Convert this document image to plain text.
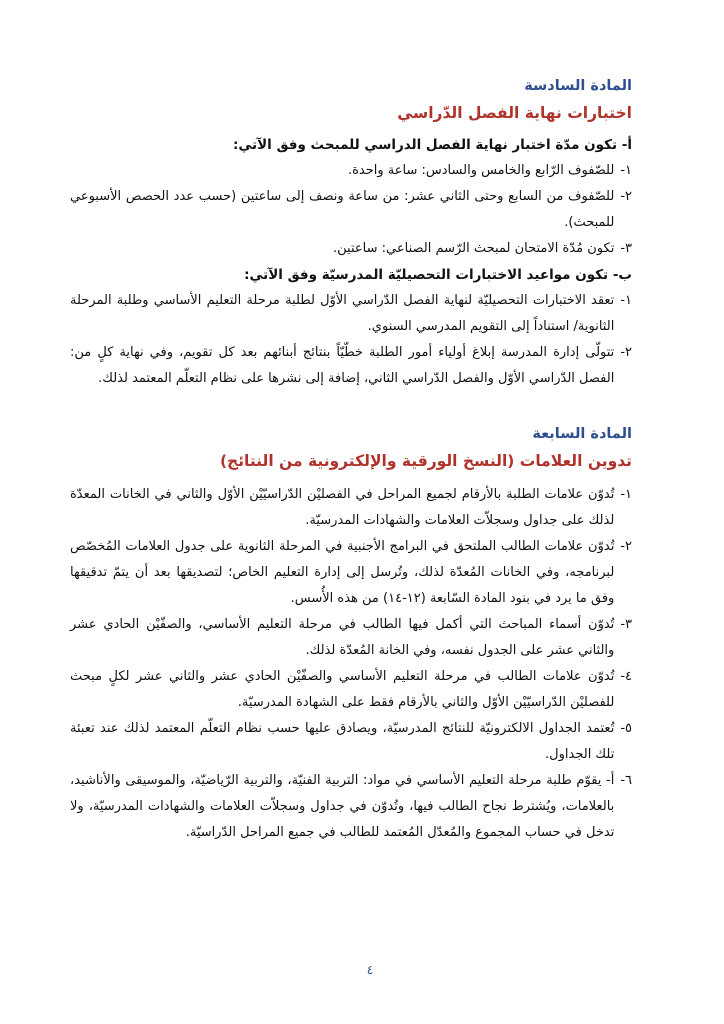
المادة السادسة
اختبارات نهاية الفصل الدّراسي
أ- تكون مدّة اختبار نهاية الفصل الدراسي للمبحث وفق الآتي:
١-
للصّفوف الرّابع والخامس والسادس: ساعة واحدة.
٢-
للصّفوف من السابع وحتى الثاني عشر: من ساعة ونصف إلى ساعتين (حسب عدد الحصص الأسبوعي للمبحث).
٣-
تكون مُدّة الامتحان لمبحث الرّسم الصناعي: ساعتين.
ب- تكون مواعيد الاختبارات التحصيليّة المدرسيّة وفق الآتي:
١-
تعقد الاختبارات التحصيليّة لنهاية الفصل الدّراسي الأوّل لطلبة مرحلة التعليم الأساسي وطلبة المرحلة الثانوية/ استناداً إلى التقويم المدرسي السنوي.
٢-
تتولّى إدارة المدرسة إبلاغ أولياء أمور الطلبة خطّيّاً بنتائج أبنائهم بعد كل تقويم، وفي نهاية كلٍ من: الفصل الدّراسي الأوّل والفصل الدّراسي الثاني، إضافة إلى نشرها على نظام التعلّم المعتمد لذلك.
المادة السابعة
تدوين العلامات (النسخ الورقية والإلكترونية من النتائج)
١-
تُدوّن علامات الطلبة بالأرقام لجميع المراحل في الفصليْن الدّراسيّيْن الأوّل والثاني في الخانات المعدّة لذلك على جداول وسجلاّت العلامات والشهادات المدرسيّة.
٢-
تُدوّن علامات الطالب الملتحق في البرامج الأجنبية في المرحلة الثانوية على جدول العلامات المُخصّص لبرنامجه، وفي الخانات المُعدّة لذلك، وتُرسل إلى إدارة التعليم الخاص؛ لتصديقها بعد أن يتمّ تدقيقها وفق ما يرد في بنود المادة السّابعة (١٢-١٤) من هذه الأُسس.
٣-
تُدوّن أسماء المباحث التي أكمل فيها الطالب في مرحلة التعليم الأساسي، والصفّيْن الحادي عشر والثاني عشر على الجدول نفسه، وفي الخانة المُعدّة لذلك.
٤-
تُدوّن علامات الطالب في مرحلة التعليم الأساسي والصفّيْن الحادي عشر والثاني عشر لكلٍ مبحث للفصليْن الدّراسيّيْن الأوّل والثاني بالأرقام فقط على الشهادة المدرسيّة.
٥-
تُعتمد الجداول الالكترونيّة للنتائج المدرسيّة، ويصادق عليها حسب نظام التعلّم المعتمد لذلك عند تعبئة تلك الجداول.
٦-
أ- يقوّم طلبة مرحلة التعليم الأساسي في مواد: التربية الفنيّة، والتربية الرّياضيّة، والموسيقى والأناشيد، بالعلامات، ويُشترط نجاح الطالب فيها، وتُدوّن في جداول وسجلاّت العلامات والشهادات المدرسيّة، ولا تدخل في حساب المجموع والمُعدّل المُعتمد للطالب في جميع المراحل الدّراسيّة.
٤
